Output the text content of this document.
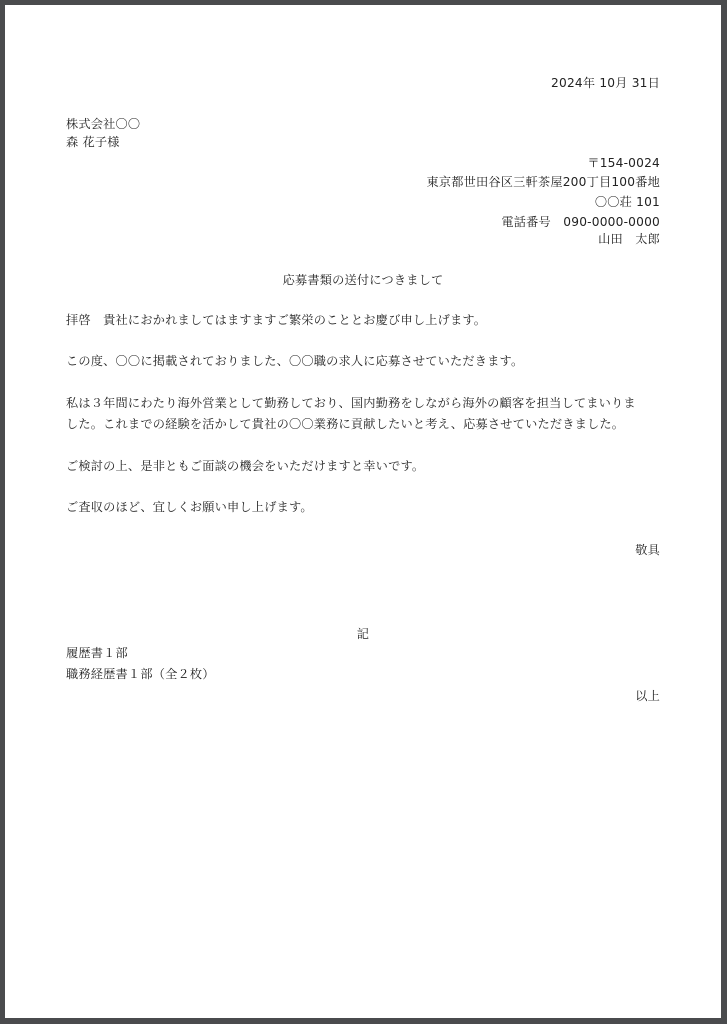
2024年 10月 31日
株式会社〇〇
森 花子様
〒154-0024
東京都世田谷区三軒茶屋200丁目100番地
〇〇荘 101
電話番号　090-0000-0000
山田　太郎
応募書類の送付につきまして
拝啓　貴社におかれましてはますますご繁栄のこととお慶び申し上げます。
この度、〇〇に掲載されておりました、〇〇職の求人に応募させていただきます。
私は３年間にわたり海外営業として勤務しており、国内勤務をしながら海外の顧客を担当してまいりま
した。これまでの経験を活かして貴社の〇〇業務に貢献したいと考え、応募させていただきました。
ご検討の上、是非ともご面談の機会をいただけますと幸いです。
ご査収のほど、宜しくお願い申し上げます。
敬具
記
履歴書１部
職務経歴書１部（全２枚）
以上
